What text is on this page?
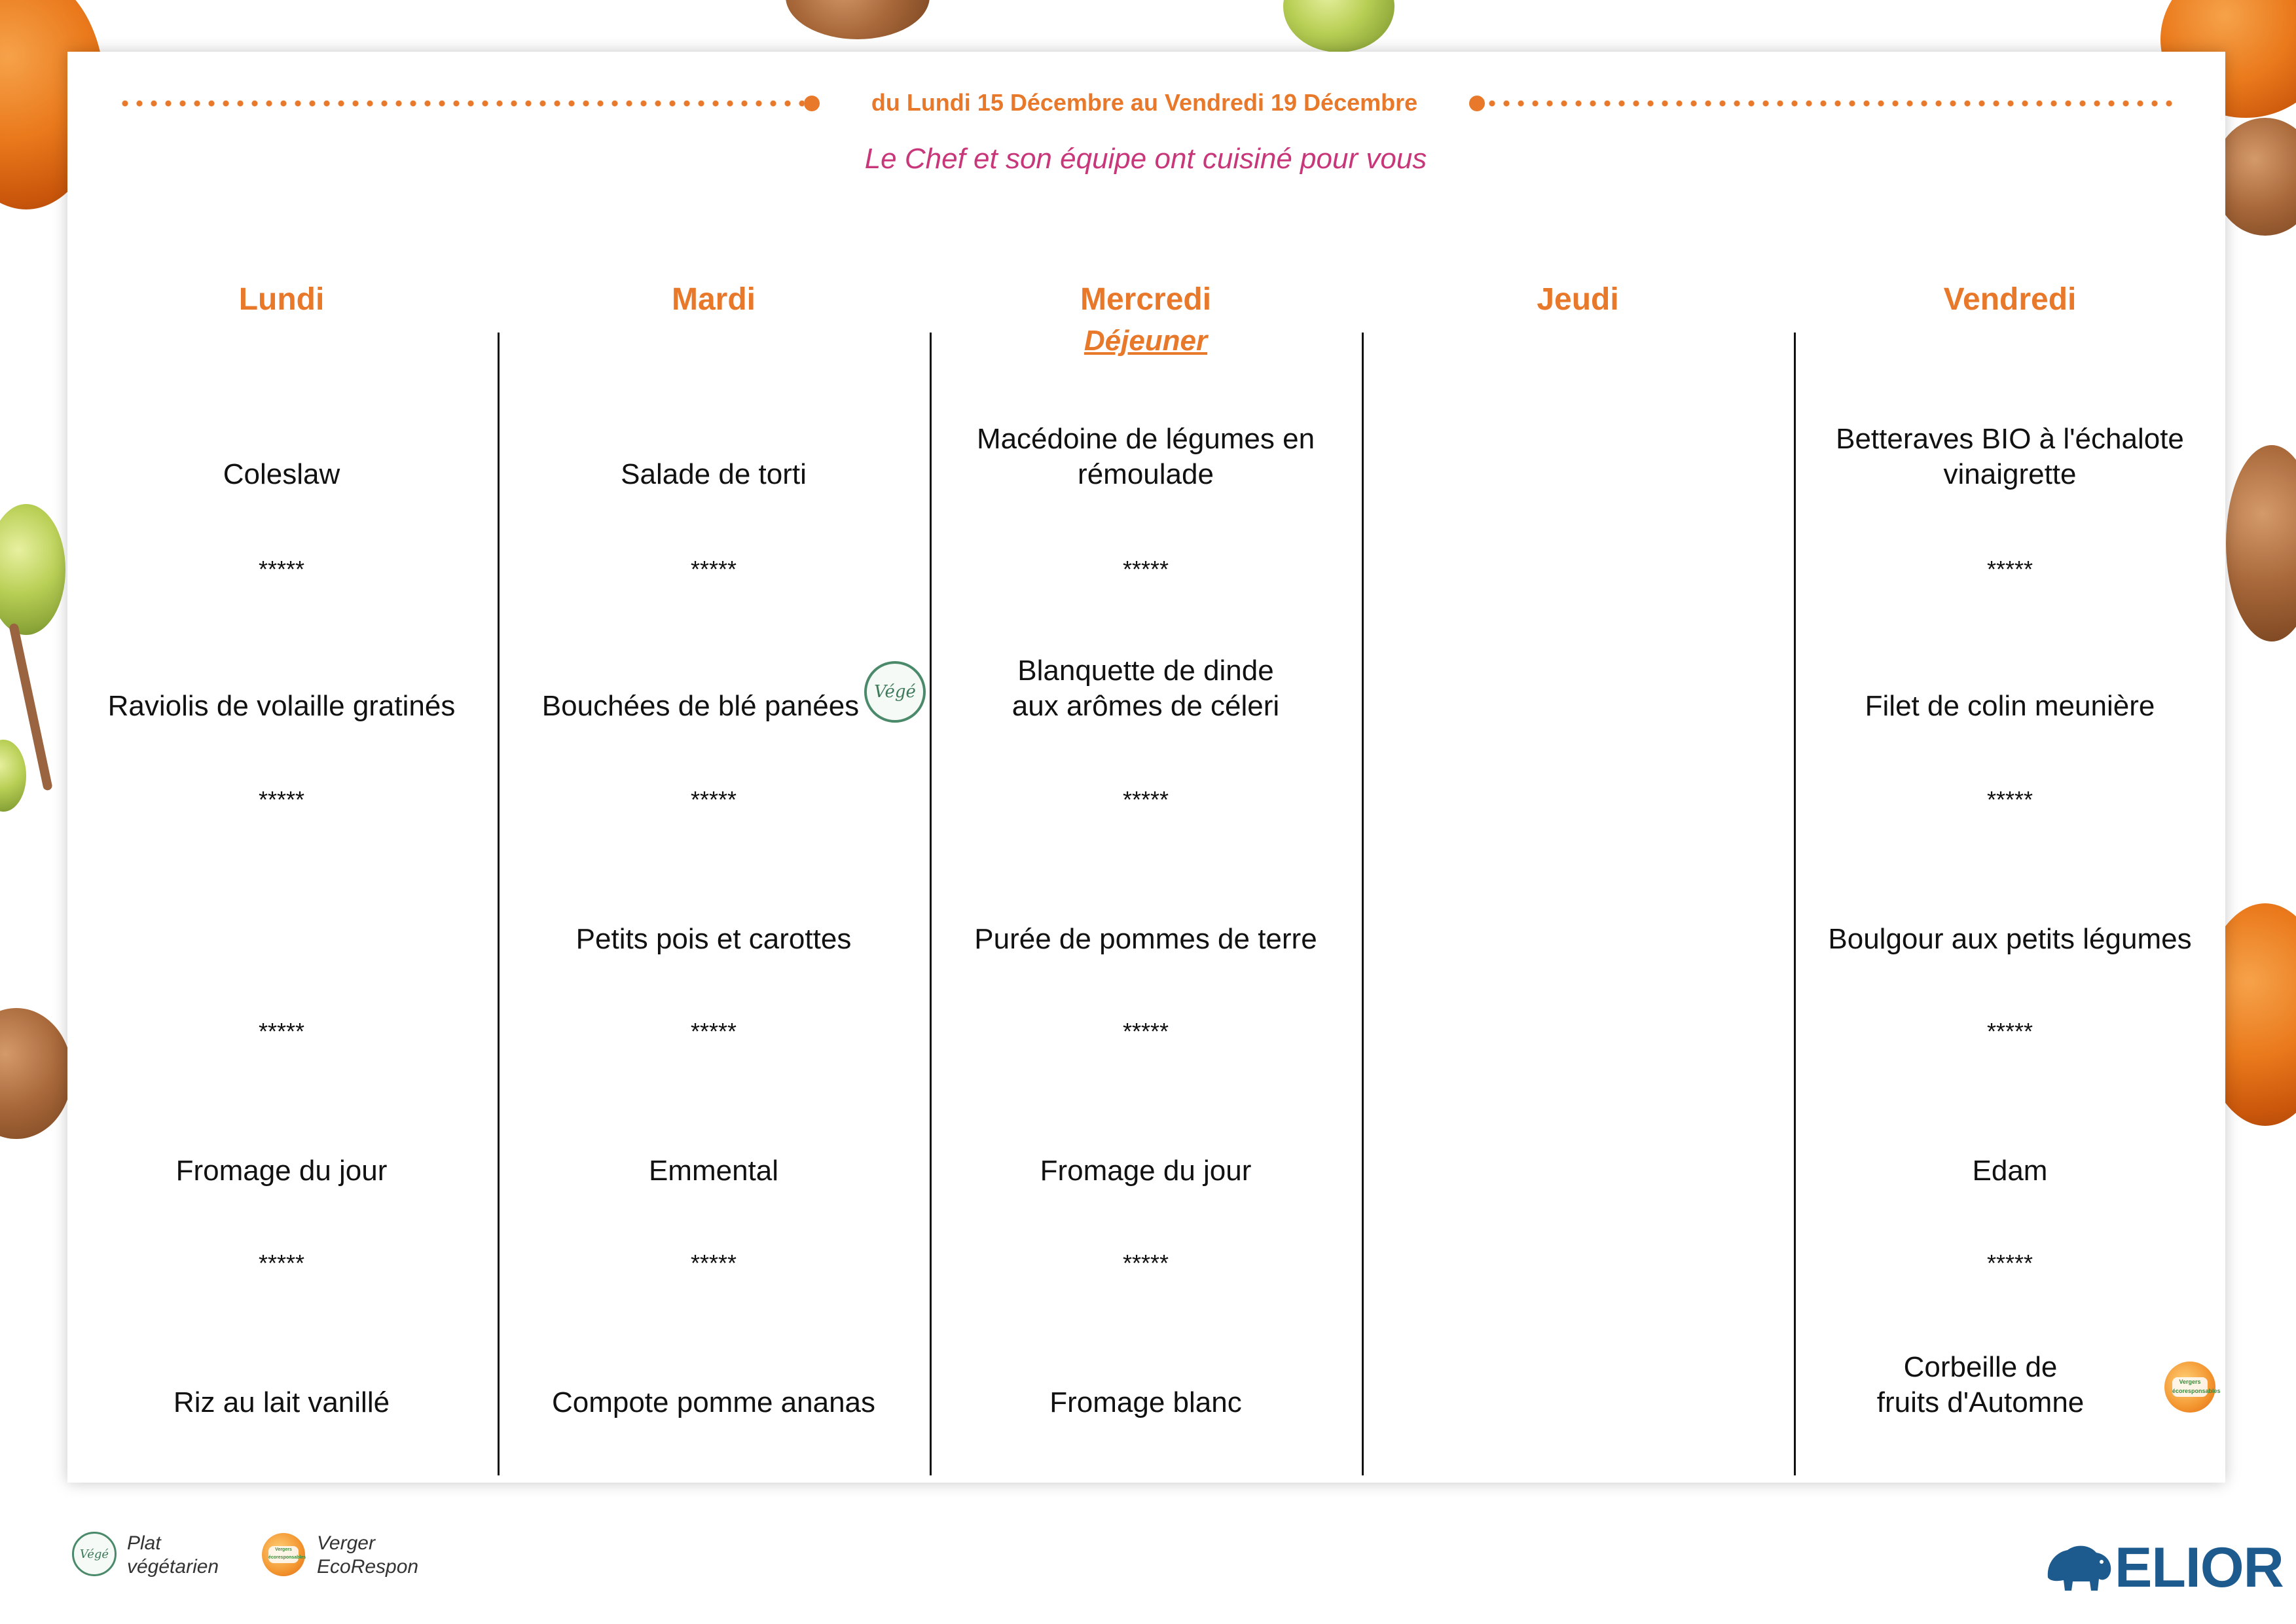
du Lundi 15 Décembre au Vendredi 19 Décembre
Le Chef et son équipe ont cuisiné pour vous
Lundi
Coleslaw
*****
Raviolis de volaille gratinés
*****
*****
Fromage du jour
*****
Riz au lait vanillé
Mardi
Salade de torti
*****
Bouchées de blé panées Végé
*****
Petits pois et carottes
*****
Emmental
*****
Compote pomme ananas
Mercredi
Déjeuner
Macédoine de légumes en
rémoulade
*****
Blanquette de dinde
aux arômes de céleri
*****
Purée de pommes de terre
*****
Fromage du jour
*****
Fromage blanc
Jeudi	Vendredi
Betteraves BIO à l'échalote
vinaigrette
*****
Filet de colin meunière
*****
Boulgour aux petits légumes
*****
Edam
*****
Corbeille de
fruits d'Automne
Vergers écoresponsables
Végé Plat
végétarien
Vergers écoresponsables
Verger
EcoRespon	ELIOR
